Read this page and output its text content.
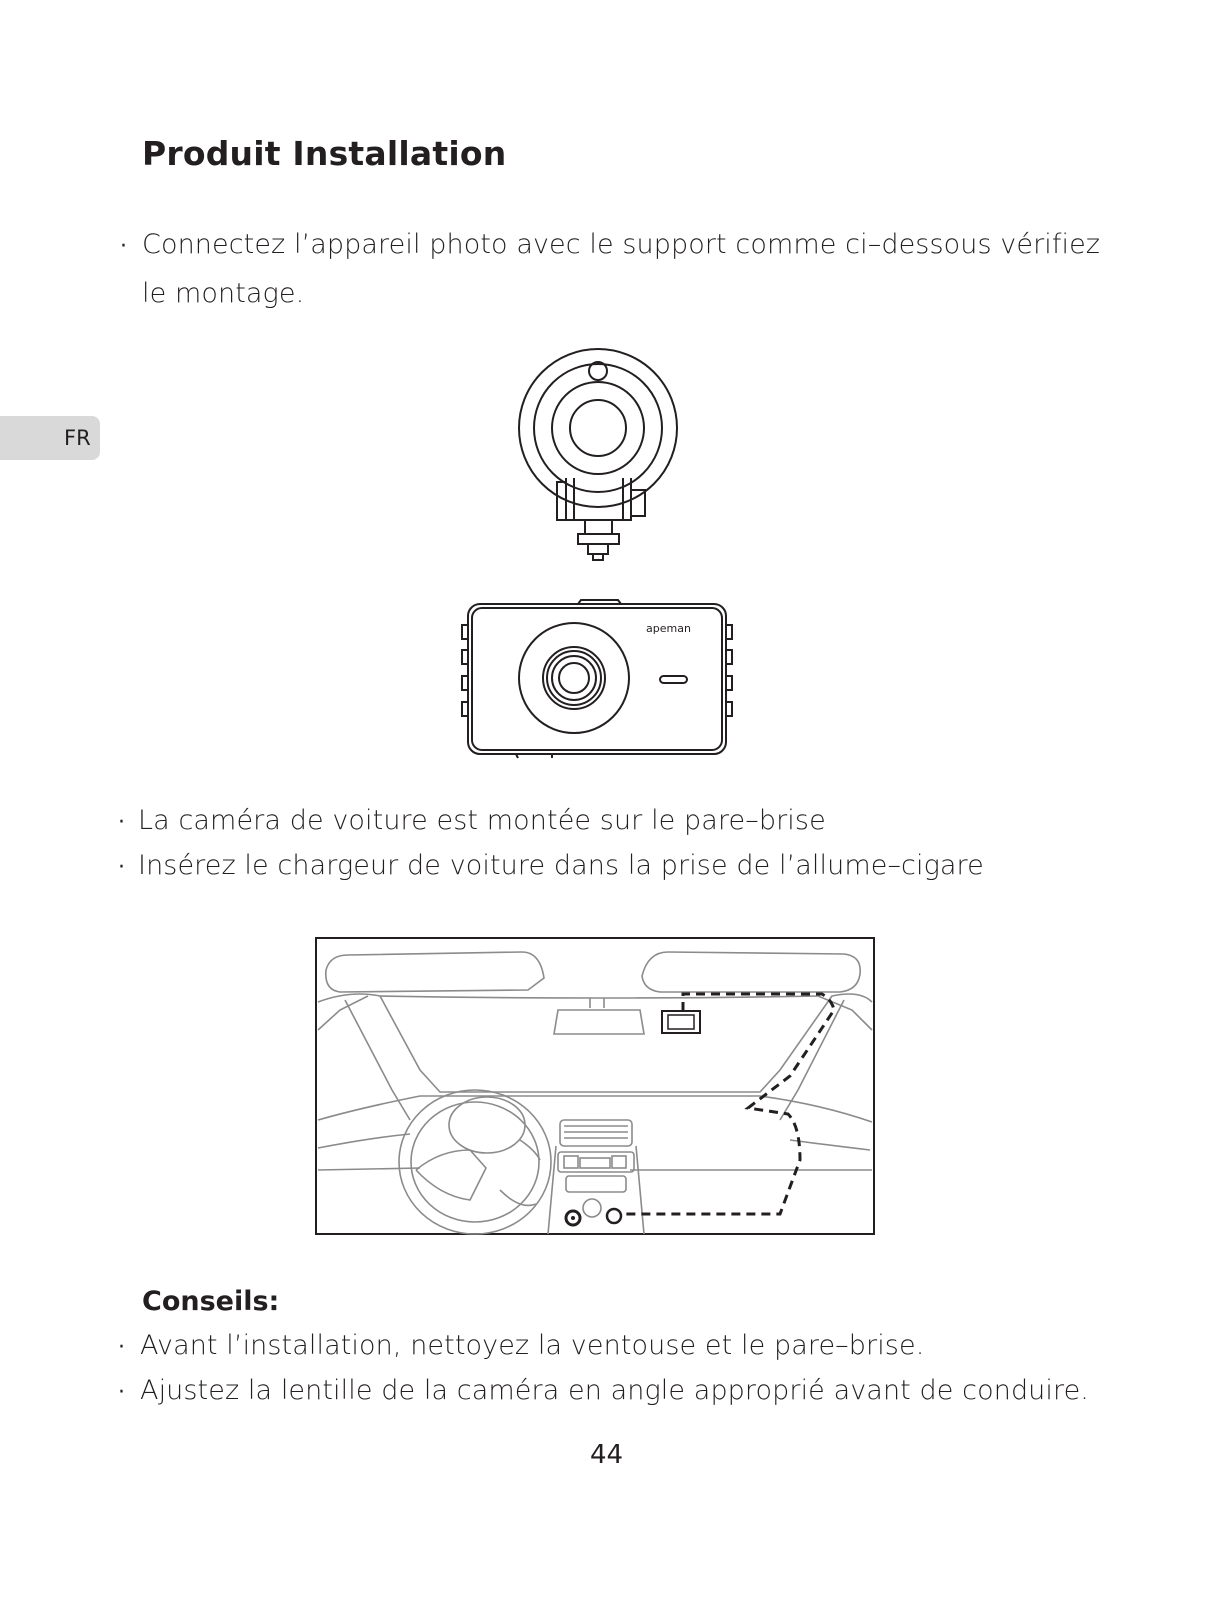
Produit Installation
FR
· Connectez l’appareil photo avec le support comme ci–dessous vérifiez
le montage.
apeman
· La caméra de voiture est montée sur le pare–brise
· Insérez le chargeur de voiture dans la prise de l’allume–cigare
Conseils:
· Avant l’installation, nettoyez la ventouse et le pare–brise.
· Ajustez la lentille de la caméra en angle approprié avant de conduire.
44
